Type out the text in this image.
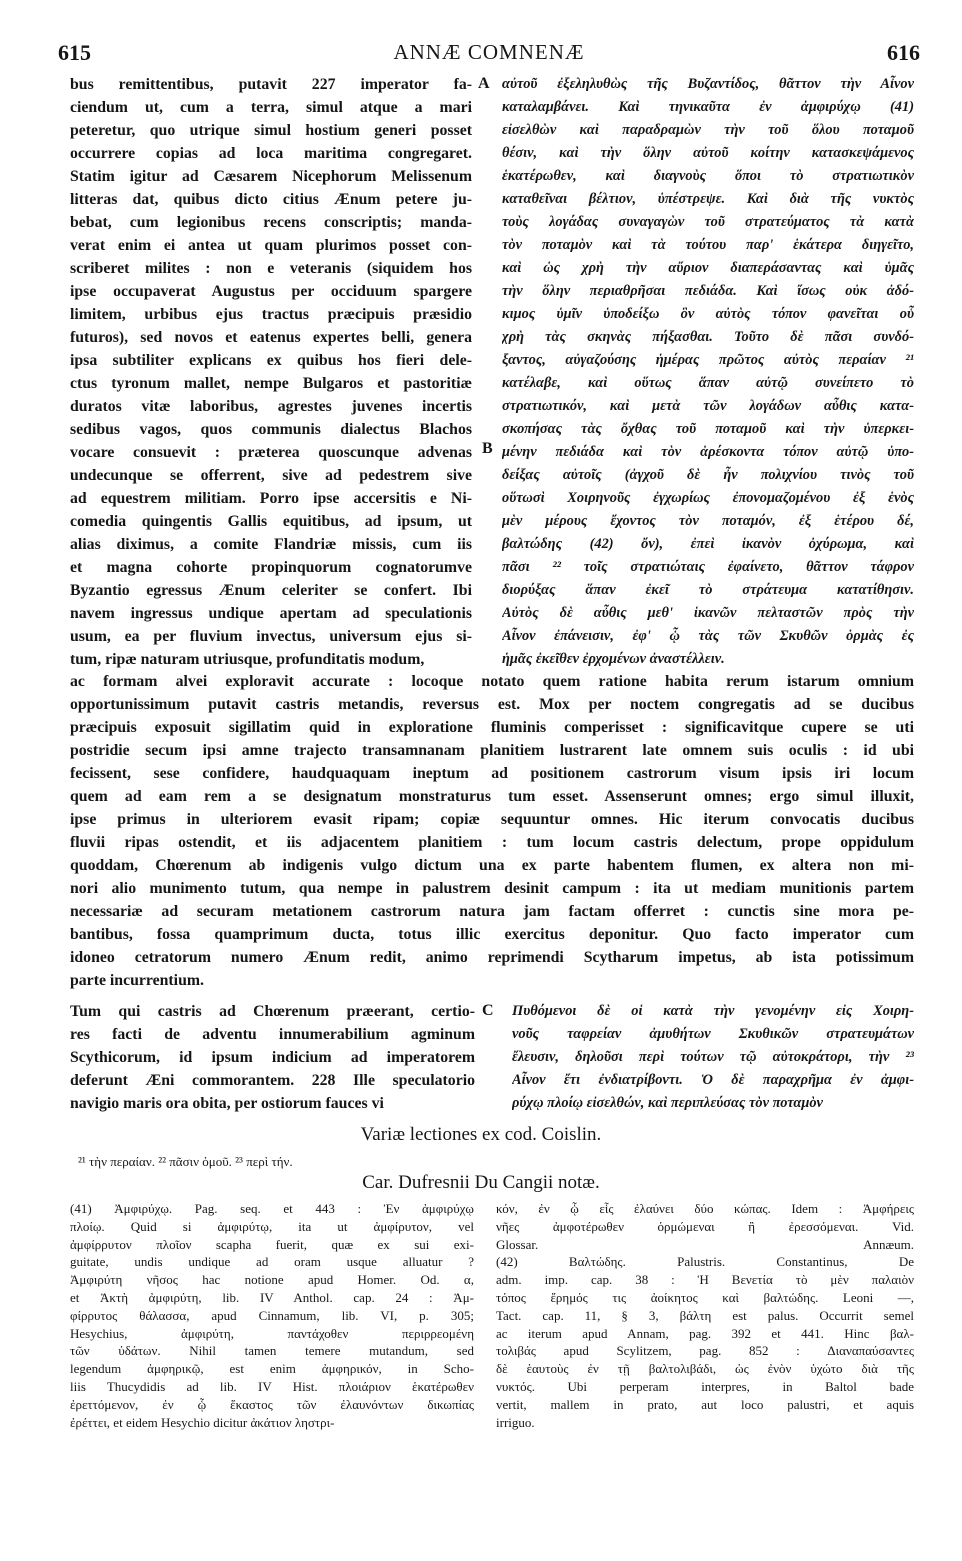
615	ANNÆ COMNENÆ	616
bus remittentibus, putavit 227 imperator fa-
ciendum ut, cum a terra, simul atque a mari
peteretur, quo utrique simul hostium generi posset
occurrere copias ad loca maritima congregaret.
Statim igitur ad Cæsarem Nicephorum Melissenum
litteras dat, quibus dicto citius Ænum petere ju-
bebat, cum legionibus recens conscriptis; manda-
verat enim ei antea ut quam plurimos posset con-
scriberet milites : non e veteranis (siquidem hos
ipse occupaverat Augustus per occiduum spargere
limitem, urbibus ejus tractus præcipuis præsidio
futuros), sed novos et eatenus expertes belli, genera
ipsa subtiliter explicans ex quibus hos fieri dele-
ctus tyronum mallet, nempe Bulgaros et pastoritiæ
duratos vitæ laboribus, agrestes juvenes incertis
sedibus vagos, quos communis dialectus Blachos
vocare consuevit : præterea quoscunque advenas
undecunque se offerrent, sive ad pedestrem sive
ad equestrem militiam. Porro ipse accersitis e Ni-
comedia quingentis Gallis equitibus, ad ipsum, ut
alias diximus, a comite Flandriæ missis, cum iis
et magna cohorte propinquorum cognatorumve
Byzantio egressus Ænum celeriter se confert. Ibi
navem ingressus undique apertam ad speculationis
usum, ea per fluvium invectus, universum ejus si-
tum, ripæ naturam utriusque, profunditatis modum,
αὐτοῦ ἐξεληλυθὼς τῆς Βυζαντίδος, θᾶττον τὴν Αἶνον
καταλαμβάνει. Καὶ τηνικαῦτα ἐν ἀμφιρύχῳ (41)
εἰσελθὼν καὶ παραδραμὼν τὴν τοῦ ὅλου ποταμοῦ
θέσιν, καὶ τὴν ὅλην αὐτοῦ κοίτην κατασκεψάμενος
ἑκατέρωθεν, καὶ διαγνοὺς ὅποι τὸ στρατιωτικὸν
καταθεῖναι βέλτιον, ὑπέστρεψε. Καὶ διὰ τῆς νυκτὸς
τοὺς λογάδας συναγαγὼν τοῦ στρατεύματος τὰ κατὰ
τὸν ποταμὸν καὶ τὰ τούτου παρ' ἑκάτερα διηγεῖτο,
καὶ ὡς χρὴ τὴν αὔριον διαπεράσαντας καὶ ὑμᾶς
τὴν ὅλην περιαθρῆσαι πεδιάδα. Καὶ ἴσως οὐκ ἀδό-
κιμος ὑμῖν ὑποδείξω ὃν αὐτὸς τόπον φανεῖται οὗ
χρὴ τὰς σκηνὰς πήξασθαι. Τοῦτο δὲ πᾶσι συνδό-
ξαντος, αὐγαζούσης ἡμέρας πρῶτος αὐτὸς περαίαν ²¹
κατέλαβε, καὶ οὕτως ἅπαν αὐτῷ συνείπετο τὸ
στρατιωτικόν, καὶ μετὰ τῶν λογάδων αὖθις κατα-
σκοπήσας τὰς ὄχθας τοῦ ποταμοῦ καὶ τὴν ὑπερκει-
μένην πεδιάδα καὶ τὸν ἀρέσκοντα τόπον αὐτῷ ὑπο-
δείξας αὐτοῖς (ἀγχοῦ δὲ ἦν πολιχνίου τινὸς τοῦ
οὕτωσὶ Χοιρηνοῦς ἐγχωρίως ἐπονομαζομένου ἐξ ἑνὸς
μὲν μέρους ἔχοντος τὸν ποταμόν, ἐξ ἑτέρου δέ,
βαλτώδης (42) ὄν), ἐπεὶ ἱκανὸν ὀχύρωμα, καὶ
πᾶσι ²² τοῖς στρατιώταις ἐφαίνετο, θᾶττον τάφρον
διορύξας ἅπαν ἐκεῖ τὸ στράτευμα κατατίθησιν.
Αὐτὸς δὲ αὖθις μεθ' ἱκανῶν πελταστῶν πρὸς τὴν
Αἶνον ἐπάνεισιν, ἐφ' ᾧ τὰς τῶν Σκυθῶν ὁρμὰς ἐς
ἡμᾶς ἐκεῖθεν ἐρχομένων ἀναστέλλειν.
A
B
ac formam alvei exploravit accurate : locoque notato quem ratione habita rerum istarum omnium
opportunissimum putavit castris metandis, reversus est. Mox per noctem congregatis ad se ducibus
præcipuis exposuit sigillatim quid in exploratione fluminis comperisset : significavitque cupere se uti
postridie secum ipsi amne trajecto transamnanam planitiem lustrarent late omnem suis oculis : id ubi
fecissent, sese confidere, haudquaquam ineptum ad positionem castrorum visum ipsis iri locum
quem ad eam rem a se designatum monstraturus tum esset. Assenserunt omnes; ergo simul illuxit,
ipse primus in ulteriorem evasit ripam; copiæ sequuntur omnes. Hic iterum convocatis ducibus
fluvii ripas ostendit, et iis adjacentem planitiem : tum locum castris delectum, prope oppidulum
quoddam, Chœrenum ab indigenis vulgo dictum una ex parte habentem flumen, ex altera non mi-
nori alio munimento tutum, qua nempe in palustrem desinit campum : ita ut mediam munitionis partem
necessariæ ad securam metationem castrorum natura jam factam offerret : cunctis sine mora pe-
bantibus, fossa quamprimum ducta, totus illic exercitus deponitur. Quo facto imperator cum
idoneo cetratorum numero Ænum redit, animo reprimendi Scytharum impetus, ab ista potissimum
parte incurrentium.
Tum qui castris ad Chœrenum præerant, certio-
res facti de adventu innumerabilium agminum
Scythicorum, id ipsum indicium ad imperatorem
deferunt Æni commorantem. 228 Ille speculatorio
navigio maris ora obita, per ostiorum fauces vi
C Πυθόμενοι δὲ οἱ κατὰ τὴν γενομένην εἰς Χοιρη-
νοῦς ταφρείαν ἀμυθήτων Σκυθικῶν στρατευμάτων
ἔλευσιν, δηλοῦσι περὶ τούτων τῷ αὐτοκράτορι, τὴν ²³
Αἶνον ἔτι ἐνδιατρίβοντι. Ὁ δὲ παραχρῆμα ἐν ἀμφι-
ρύχῳ πλοίῳ εἰσελθών, καὶ περιπλεύσας τὸν ποταμὸν
Variæ lectiones ex cod. Coislin.
²¹ τὴν περαίαν. ²² πᾶσιν ὁμοῦ. ²³ περὶ τήν.
Car. Dufresnii Du Cangii notæ.
(41) Ἀμφιρύχῳ. Pag. seq. et 443 : Ἐν ἀμφιρύχῳ
πλοίῳ. Quid si ἀμφιρύτῳ, ita ut ἀμφίρυτον, vel
ἀμφίρρυτον πλοῖον scapha fuerit, quæ ex sui exi-
guitate, undis undique ad oram usque alluatur ?
Ἀμφιρύτη νῆσος hac notione apud Homer. Od. α,
et Ἀκτὴ ἀμφιρύτη, lib. IV Anthol. cap. 24 : Ἀμ-
φίρρυτος θάλασσα, apud Cinnamum, lib. VI, p. 305;
Hesychius, ἀμφιρύτη, παντάχοθεν περιρρεομένη
τῶν ὑδάτων. Nihil tamen temere mutandum, sed
legendum ἀμφηρικῷ, est enim ἀμφηρικόν, in Scho-
liis Thucydidis ad lib. IV Hist. πλοιάριον ἑκατέρωθεν
ἐρεττόμενον, ἐν ᾧ ἕκαστος τῶν ἐλαυνόντων δικωπίας
ἐρέττει, et eidem Hesychio dicitur ἀκάτιον ληστρι-
κόν, ἐν ᾧ εἷς ἐλαύνει δύο κώπας. Idem : Ἀμφήρεις
νῆες ἀμφοτέρωθεν ὁρμώμεναι ἢ ἐρεσσόμεναι. Vid.
Glossar. Annæum.
(42) Βαλτώδης. Palustris. Constantinus, De
adm. imp. cap. 38 : Ἡ Βενετία τὸ μὲν παλαιὸν
τόπος ἔρημός τις ἀοίκητος καὶ βαλτώδης. Leoni —,
Tact. cap. 11, § 3, βάλτη est palus. Occurrit semel
ac iterum apud Annam, pag. 392 et 441. Hinc βαλ-
τολιβάς apud Scylitzem, pag. 852 : Διαναπαύσαντες
δὲ ἑαυτοὺς ἐν τῇ βαλτολιβάδι, ὡς ἐνὸν ὑχώτο διὰ τῆς
νυκτός. Ubi perperam interpres, in Baltol bade
vertit, mallem in prato, aut loco palustri, et aquis
irriguo.
